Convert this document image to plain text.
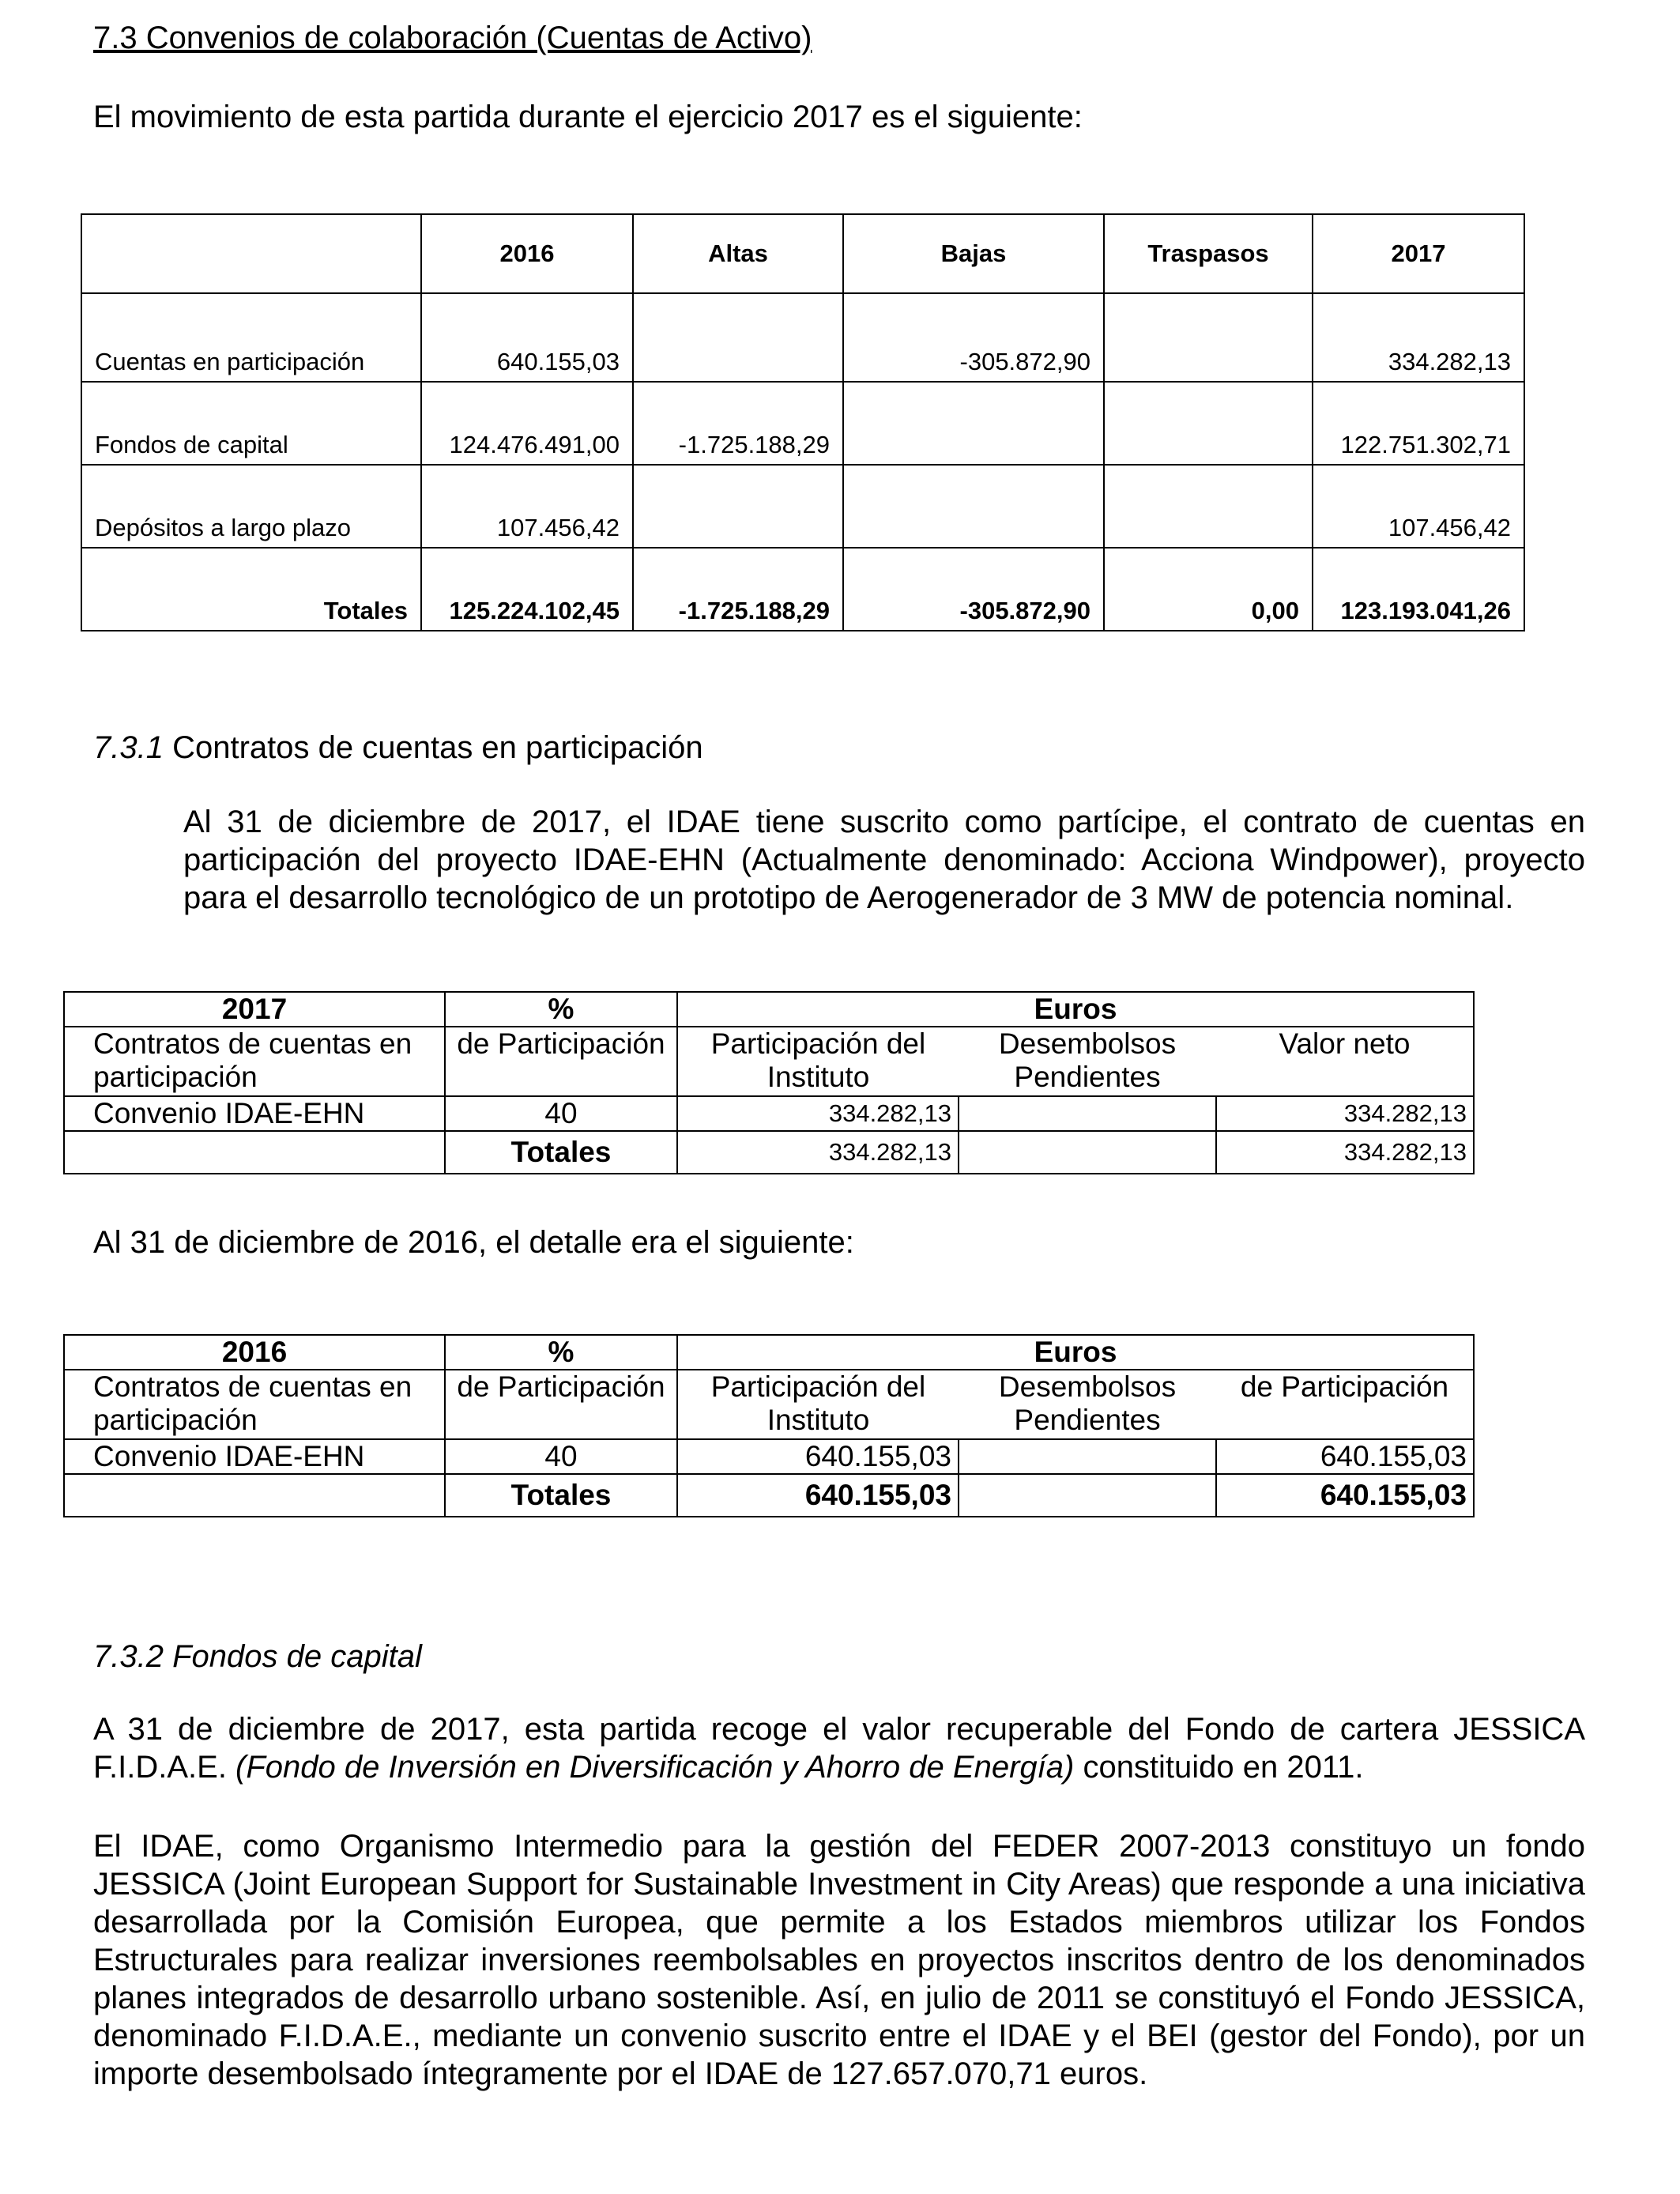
7.3 Convenios de colaboración (Cuentas de Activo)
El movimiento de esta partida durante el ejercicio 2017 es el siguiente:
	2016	Altas	Bajas	Traspasos	2017
Cuentas en participación	640.155,03		-305.872,90		334.282,13
Fondos de capital	124.476.491,00	-1.725.188,29			122.751.302,71
Depósitos a largo plazo	107.456,42				107.456,42
Totales	125.224.102,45	-1.725.188,29	-305.872,90	0,00	123.193.041,26
7.3.1 Contratos de cuentas en participación
Al 31 de diciembre de 2017, el IDAE tiene suscrito como partícipe, el contrato de cuentas en participación del proyecto IDAE-EHN (Actualmente denominado: Acciona Windpower), proyecto para el desarrollo tecnológico de un prototipo de Aerogenerador de 3 MW de potencia nominal.
2017	%	Euros		
Contratos de cuentas en participación	de Participación	Participación del Instituto	Desembolsos Pendientes	Valor neto
Convenio IDAE-EHN	40	334.282,13		334.282,13
	Totales	334.282,13		334.282,13
Al 31 de diciembre de 2016, el detalle era el siguiente:
2016	%	Euros		
Contratos de cuentas en participación	de Participación	Participación del Instituto	Desembolsos Pendientes	de Participación
Convenio IDAE-EHN	40	640.155,03		640.155,03
	Totales	640.155,03		640.155,03
7.3.2 Fondos de capital
A 31 de diciembre de 2017, esta partida recoge el valor recuperable del Fondo de cartera JESSICA F.I.D.A.E. (Fondo de Inversión en Diversificación y Ahorro de Energía) constituido en 2011.
El IDAE, como Organismo Intermedio para la gestión del FEDER 2007-2013 constituyo un fondo JESSICA (Joint European Support for Sustainable Investment in City Areas) que responde a una iniciativa desarrollada por la Comisión Europea, que permite a los Estados miembros utilizar los Fondos Estructurales para realizar inversiones reembolsables en proyectos inscritos dentro de los denominados planes integrados de desarrollo urbano sostenible. Así, en julio de 2011 se constituyó el Fondo JESSICA, denominado F.I.D.A.E., mediante un convenio suscrito entre el IDAE y el BEI (gestor del Fondo), por un importe desembolsado íntegramente por el IDAE de 127.657.070,71 euros.
